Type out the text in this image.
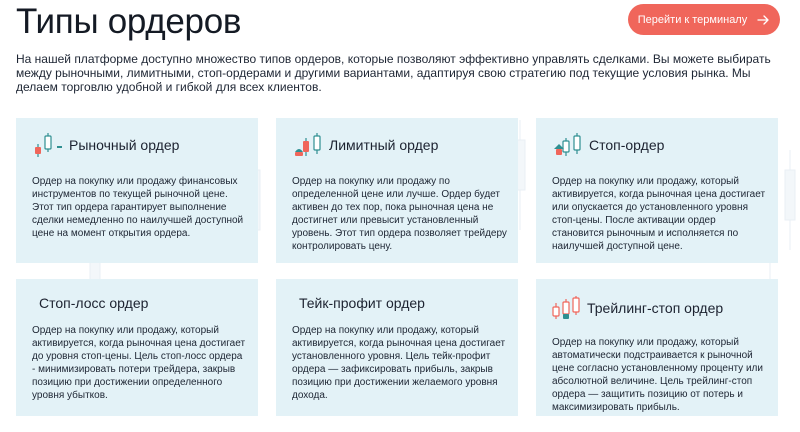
Типы ордеров	Перейти к терминалу

На нашей платформе доступно множество типов ордеров, которые позволяют эффективно управлять сделками. Вы можете выбирать между рыночными, лимитными, стоп-ордерами и другими вариантами, адаптируя свою стратегию под текущие условия рынка. Мы делаем торговлю удобной и гибкой для всех клиентов.

Рыночный ордер

Ордер на покупку или продажу финансовых инструментов по текущей рыночной цене. Этот тип ордера гарантирует выполнение сделки немедленно по наилучшей доступной цене на момент открытия ордера.

Лимитный ордер

Ордер на покупку или продажу по определенной цене или лучше. Ордер будет активен до тех пор, пока рыночная цена не достигнет или превысит установленный уровень. Этот тип ордера позволяет трейдеру контролировать цену.

Стоп-ордер

Ордер на покупку или продажу, который активируется, когда рыночная цена достигает или опускается до установленного уровня стоп-цены. После активации ордер становится рыночным и исполняется по наилучшей доступной цене.

Стоп-лосс ордер

Ордер на покупку или продажу, который активируется, когда рыночная цена достигает до уровня стоп-цены. Цель стоп-лосс ордера - минимизировать потери трейдера, закрыв позицию при достижении определенного уровня убытков.

Тейк-профит ордер

Ордер на покупку или продажу, который активируется, когда рыночная цена достигает установленного уровня. Цель тейк-профит ордера — зафиксировать прибыль, закрыв позицию при достижении желаемого уровня дохода.

Трейлинг-стоп ордер

Ордер на покупку или продажу, который автоматически подстраивается к рыночной цене согласно установленному проценту или абсолютной величине. Цель трейлинг-стоп ордера — защитить позицию от потерь и максимизировать прибыль.
